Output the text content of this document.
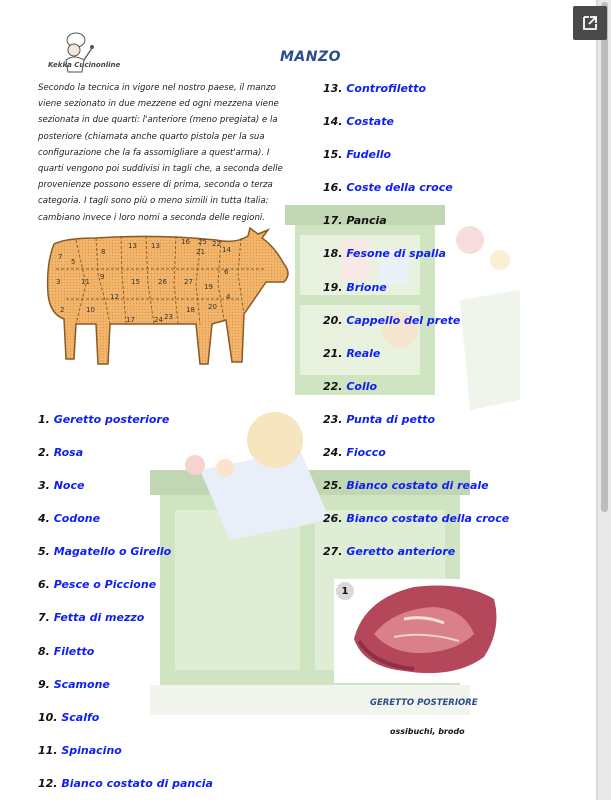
Kekka Cucinonline	MANZO
Secondo la tecnica in vigore nel nostro paese, il manzo viene sezionato in due mezzene ed ogni mezzena viene sezionata in due quarti: l'anteriore (meno pregiata) e la posteriore (chiamata anche quarto pistola per la sua configurazione che la fa assomigliare a quest'arma). I quarti vengono poi suddivisi in tagli che, a seconda delle provenienze possono essere di prima, seconda o terza categoria. I tagli sono più o meno simili in tutta Italia: cambiano invece i loro nomi a seconda delle regioni.
7
3
2
5
11
10
8
9
12
13
17
15
13
24
26
23
16
27
18
21
25
19
22
20
14
6
4
1. Geretto posteriore
2. Rosa
3. Noce
4. Codone
5. Magatello o Girello
6. Pesce o Piccione
7. Fetta di mezzo
8. Filetto
9. Scamone
10. Scalfo
11. Spinacino
12. Bianco costato di pancia
13. Controfiletto
14. Costate
15. Fudello
16. Coste della croce
17. Pancia
18. Fesone di spalla
19. Brione
20. Cappello del prete
21. Reale
22. Collo
23. Punta di petto
24. Fiocco
25. Bianco costato di reale
26. Bianco costato della croce
27. Geretto anteriore
1
GERETTO POSTERIORE
ossibuchi, brodo
